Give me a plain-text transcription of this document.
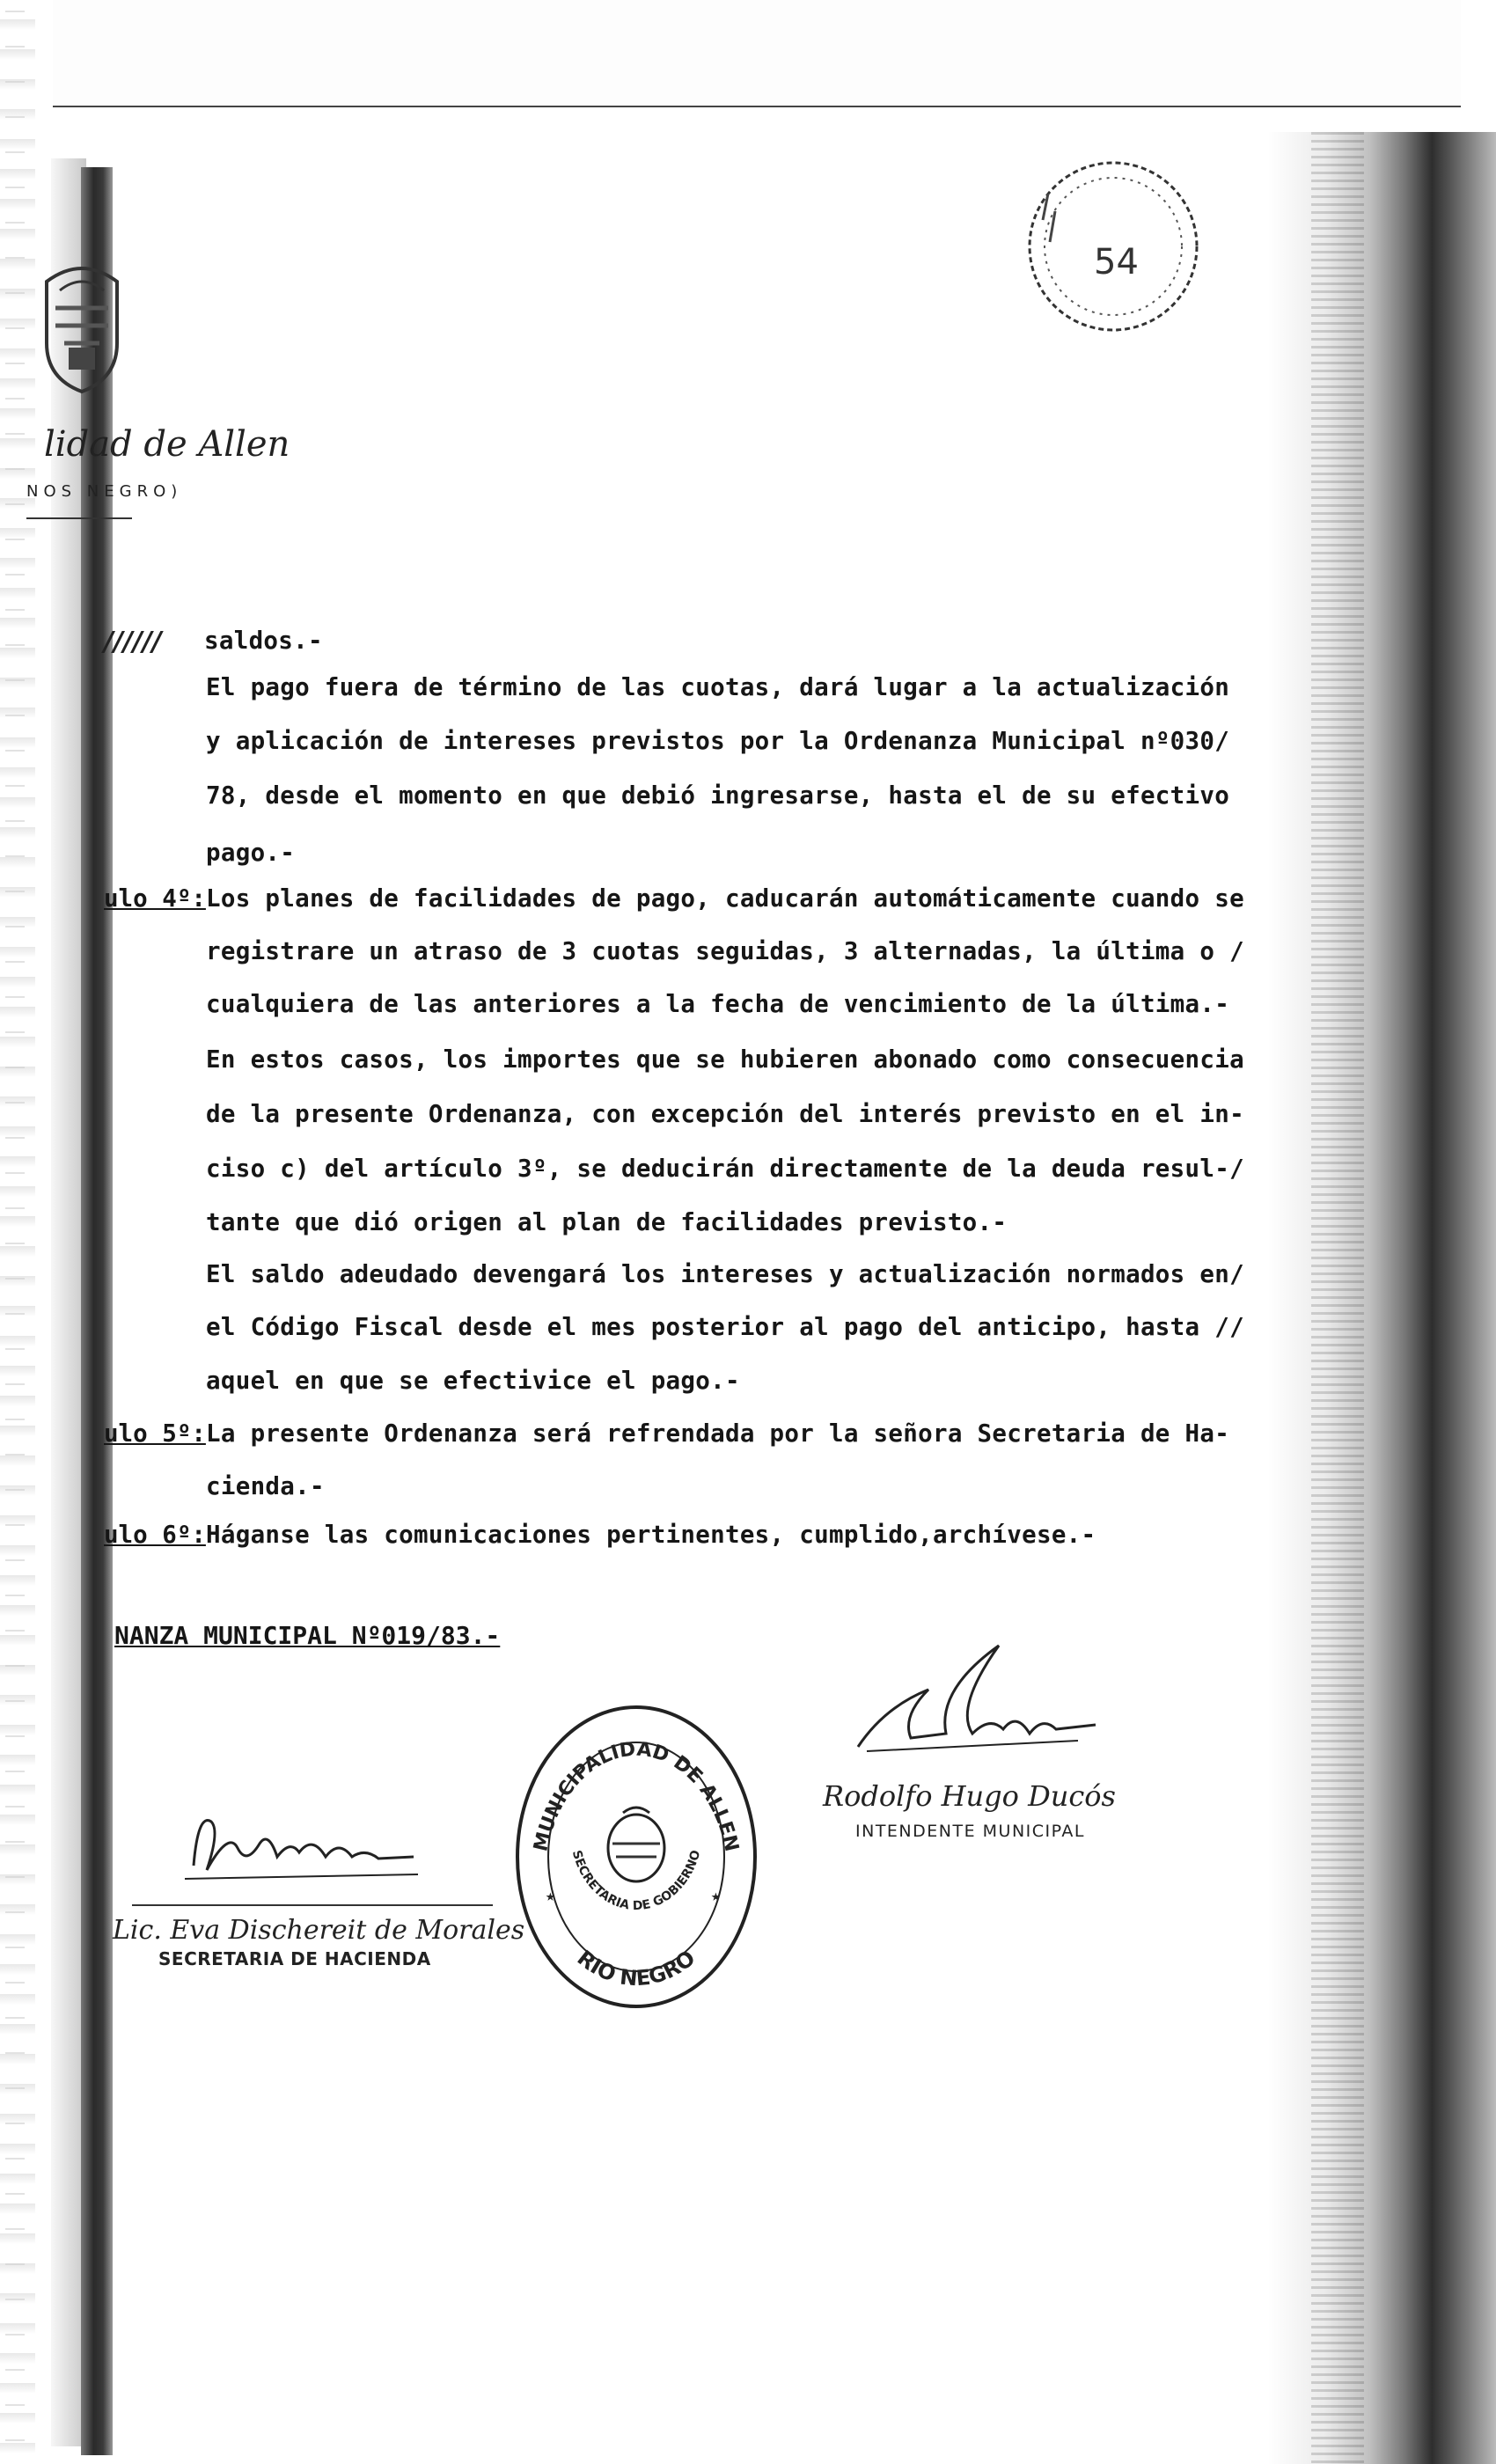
lidad de Allen
NOS NEGRO)
54
////// saldos.-
El pago fuera de término de las cuotas, dará lugar a la actualización
y aplicación de intereses previstos por la Ordenanza Municipal nº030/
78, desde el momento en que debió ingresarse, hasta el de su efectivo
pago.-
ulo 4º: Los planes de facilidades de pago, caducarán automáticamente cuando se
registrare un atraso de 3 cuotas seguidas, 3 alternadas, la última o /
cualquiera de las anteriores a la fecha de vencimiento de la última.-
En estos casos, los importes que se hubieren abonado como consecuencia
de la presente Ordenanza, con excepción del interés previsto en el in-
ciso c) del artículo 3º, se deducirán directamente de la deuda resul-/
tante que dió origen al plan de facilidades previsto.-
El saldo adeudado devengará los intereses y actualización normados en/
el Código Fiscal desde el mes posterior al pago del anticipo, hasta //
aquel en que se efectivice el pago.-
ulo 5º: La presente Ordenanza será refrendada por la señora Secretaria de Ha-
cienda.-
ulo 6º: Háganse las comunicaciones pertinentes, cumplido,archívese.-
NANZA MUNICIPAL Nº019/83.-
Lic. Eva Dischereit de Morales
SECRETARIA DE HACIENDA
MUNICIPALIDAD DE ALLEN
SECRETARIA DE GOBIERNO
RIO NEGRO
★	★
Rodolfo Hugo Ducós
INTENDENTE MUNICIPAL
